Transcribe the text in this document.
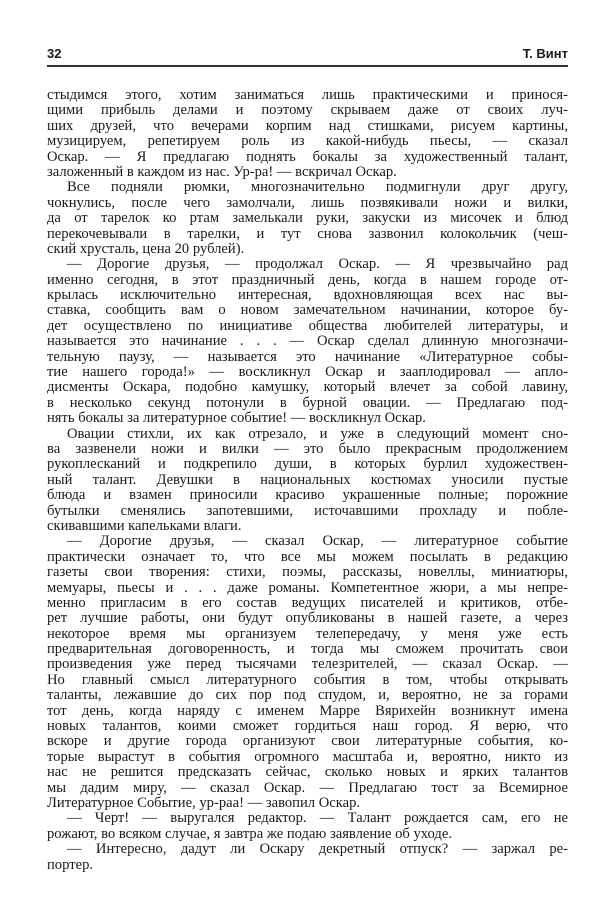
32	Т. Винт
стыдимся этого, хотим заниматься лишь практическими и принося-
щими прибыль делами и поэтому скрываем даже от своих луч-
ших друзей, что вечерами корпим над стишками, рисуем картины,
музицируем, репетируем роль из какой-нибудь пьесы, — сказал
Оскар. — Я предлагаю поднять бокалы за художественный талант,
заложенный в каждом из нас. Ур-ра! — вскричал Оскар.
Все подняли рюмки, многозначительно подмигнули друг другу,
чокнулись, после чего замолчали, лишь позвякивали ножи и вилки,
да от тарелок ко ртам замелькали руки, закуски из мисочек и блюд
перекочевывали в тарелки, и тут снова зазвонил колокольчик (чеш-
ский хрусталь, цена 20 рублей).
— Дорогие друзья, — продолжал Оскар. — Я чрезвычайно рад
именно сегодня, в этот праздничный день, когда в нашем городе от-
крылась исключительно интересная, вдохновляющая всех нас вы-
ставка, сообщить вам о новом замечательном начинании, которое бу-
дет осуществлено по инициативе общества любителей литературы, и
называется это начинание . . . — Оскар сделал длинную многозначи-
тельную паузу, — называется это начинание «Литературное собы-
тие нашего города!» — воскликнул Оскар и зааплодировал — апло-
дисменты Оскара, подобно камушку, который влечет за собой лавину,
в несколько секунд потонули в бурной овации. — Предлагаю под-
нять бокалы за литературное событие! — воскликнул Оскар.
Овации стихли, их как отрезало, и уже в следующий момент сно-
ва зазвенели ножи и вилки — это было прекрасным продолжением
рукоплесканий и подкрепило души, в которых бурлил художествен-
ный талант. Девушки в национальных костюмах уносили пустые
блюда и взамен приносили красиво украшенные полные; порожние
бутылки сменялись запотевшими, источавшими прохладу и побле-
скивавшими капельками влаги.
— Дорогие друзья, — сказал Оскар, — литературное событие
практически означает то, что все мы можем посылать в редакцию
газеты свои творения: стихи, поэмы, рассказы, новеллы, миниатюры,
мемуары, пьесы и . . . даже романы. Компетентное жюри, а мы непре-
менно пригласим в его состав ведущих писателей и критиков, отбе-
рет лучшие работы, они будут опубликованы в нашей газете, а через
некоторое время мы организуем телепередачу, у меня уже есть
предварительная договоренность, и тогда мы сможем прочитать свои
произведения уже перед тысячами телезрителей, — сказал Оскар. —
Но главный смысл литературного события в том, чтобы открывать
таланты, лежавшие до сих пор под спудом, и, вероятно, не за горами
тот день, когда наряду с именем Марре Вярихейн возникнут имена
новых талантов, коими сможет гордиться наш город. Я верю, что
вскоре и другие города организуют свои литературные события, ко-
торые вырастут в события огромного масштаба и, вероятно, никто из
нас не решится предсказать сейчас, сколько новых и ярких талантов
мы дадим миру, — сказал Оскар. — Предлагаю тост за Всемирное
Литературное Событие, ур-раа! — завопил Оскар.
— Черт! — выругался редактор. — Талант рождается сам, его не
рожают, во всяком случае, я завтра же подаю заявление об уходе.
— Интересно, дадут ли Оскару декретный отпуск? — заржал ре-
портер.
